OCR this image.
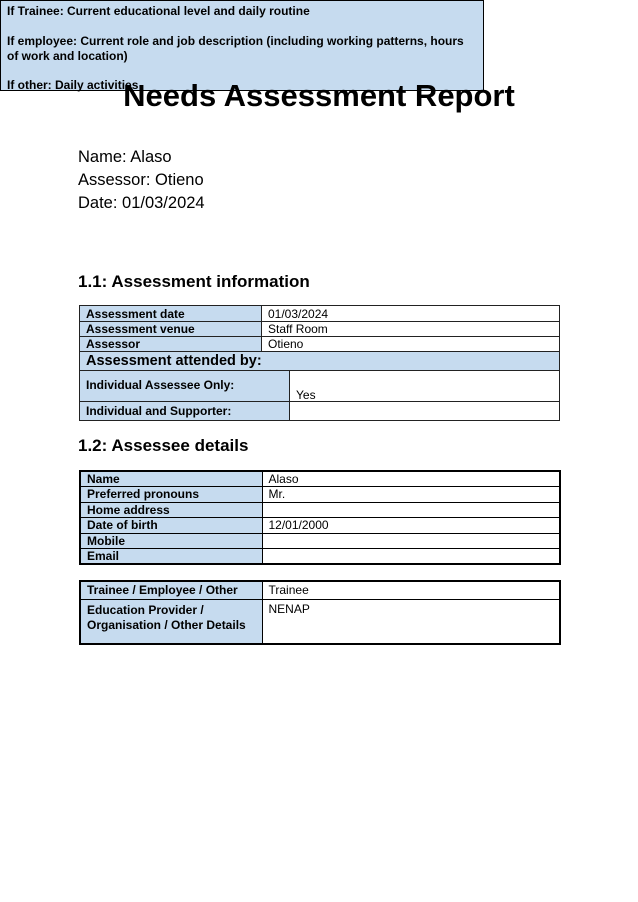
Needs Assessment Report
Name: Alaso
Assessor: Otieno
Date: 01/03/2024
1.1: Assessment information
Assessment date	01/03/2024	
Assessment venue	Staff Room	
Assessor	Otieno	
Assessment attended by:		
Individual Assessee Only:		Yes
Individual and Supporter:		
1.2: Assessee details
Name	Alaso
Preferred pronouns	Mr.
Home address	
Date of birth	12/01/2000
Mobile	
Email	
Trainee / Employee / Other	Trainee
Education Provider / Organisation / Other Details	NENAP

If Trainee: Current educational level and daily routine

If employee: Current role and job description (including working patterns, hours of work and location)

If other: Daily activities
